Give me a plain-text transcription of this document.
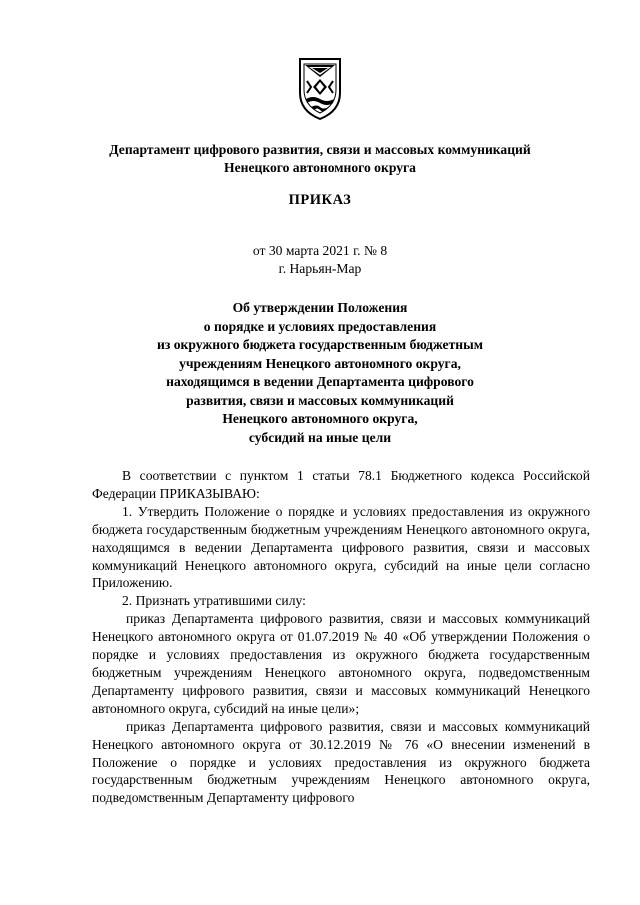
Департамент цифрового развития, связи и массовых коммуникаций
Ненецкого автономного округа
ПРИКАЗ
от 30 марта 2021 г. № 8
г. Нарьян-Мар
Об утверждении Положения
о порядке и условиях предоставления
из окружного бюджета государственным бюджетным
учреждениям Ненецкого автономного округа,
находящимся в ведении Департамента цифрового
развития, связи и массовых коммуникаций
Ненецкого автономного округа,
субсидий на иные цели

В соответствии с пунктом 1 статьи 78.1 Бюджетного кодекса Российской Федерации ПРИКАЗЫВАЮ:

1. Утвердить Положение о порядке и условиях предоставления из окружного бюджета государственным бюджетным учреждениям Ненецкого автономного округа, находящимся в ведении Департамента цифрового развития, связи и массовых коммуникаций Ненецкого автономного округа, субсидий на иные цели согласно Приложению.

2. Признать утратившими силу:

приказ Департамента цифрового развития, связи и массовых коммуникаций Ненецкого автономного округа от 01.07.2019 № 40 «Об утверждении Положения о порядке и условиях предоставления из окружного бюджета государственным бюджетным учреждениям Ненецкого автономного округа, подведомственным Департаменту цифрового развития, связи и массовых коммуникаций Ненецкого автономного округа, субсидий на иные цели»;

приказ Департамента цифрового развития, связи и массовых коммуникаций Ненецкого автономного округа от 30.12.2019 № 76 «О внесении изменений в Положение о порядке и условиях предоставления из окружного бюджета государственным бюджетным учреждениям Ненецкого автономного округа, подведомственным Департаменту цифрового
